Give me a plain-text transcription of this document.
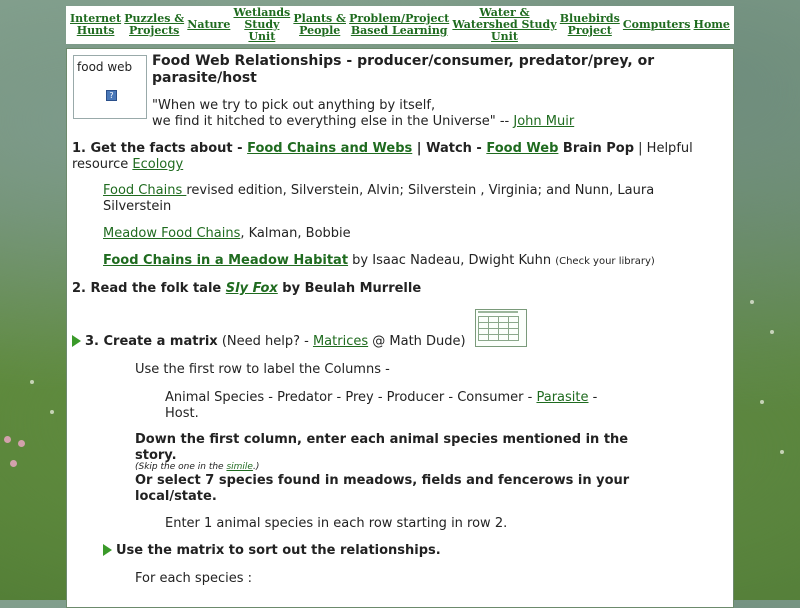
Internet
Hunts
Puzzles &
Projects Nature
Wetlands
Study
Unit
Plants &
People
Problem/Project
Based Learning
Water &
Watershed Study
Unit
Bluebirds
Project	Computers Home
food web
?
Food Web Relationships - producer/consumer, predator/prey, or parasite/host
"When we try to pick out anything by itself,
we find it hitched to everything else in the Universe" -- John Muir
1. Get the facts about - Food Chains and Webs | Watch - Food Web Brain Pop | Helpful resource Ecology
Food Chains revised edition, Silverstein, Alvin; Silverstein , Virginia; and Nunn, Laura Silverstein
Meadow Food Chains, Kalman, Bobbie
Food Chains in a Meadow Habitat by Isaac Nadeau, Dwight Kuhn (Check your library)
2. Read the folk tale Sly Fox by Beulah Murrelle

3. Create a matrix (Need help? - Matrices @ Math Dude)
Use the first row to label the Columns -
Animal Species - Predator - Prey - Producer - Consumer - Parasite -
Host.
Down the first column, enter each animal species mentioned in the story.
(Skip the one in the simile.)
Or select 7 species found in meadows, fields and fencerows in your local/state.
Enter 1 animal species in each row starting in row 2.
Use the matrix to sort out the relationships.
For each species :
